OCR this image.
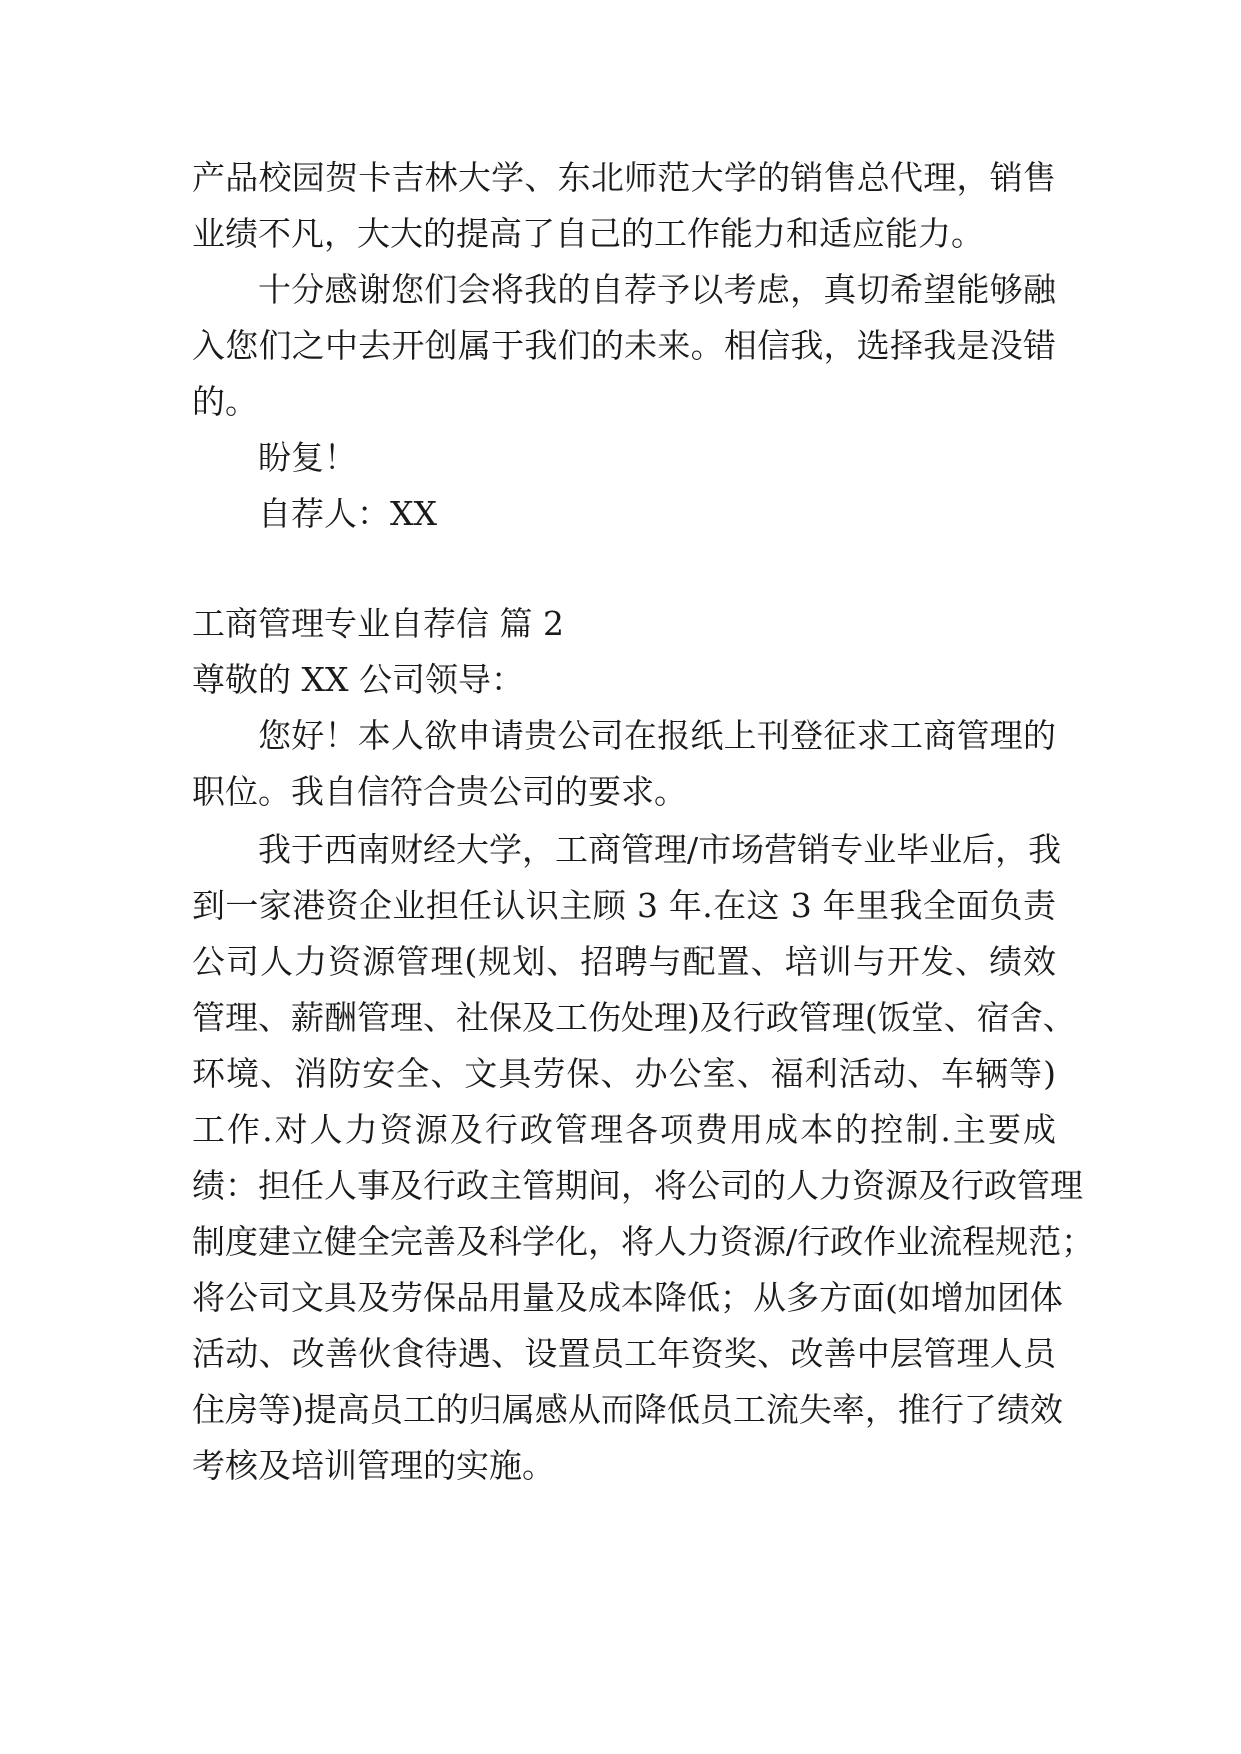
产品校园贺卡吉林大学、东北师范大学的销售总代理，销售
业绩不凡，大大的提高了自己的工作能力和适应能力。
十分感谢您们会将我的自荐予以考虑，真切希望能够融
入您们之中去开创属于我们的未来。相信我，选择我是没错
的。
盼复！
自荐人：XX
工商管理专业自荐信 篇 2
尊敬的 XX 公司领导：
您好！本人欲申请贵公司在报纸上刊登征求工商管理的
职位。我自信符合贵公司的要求。
我于西南财经大学，工商管理/市场营销专业毕业后，我
到一家港资企业担任认识主顾 3 年.在这 3 年里我全面负责
公司人力资源管理(规划、招聘与配置、培训与开发、绩效
管理、薪酬管理、社保及工伤处理)及行政管理(饭堂、宿舍、
环境、消防安全、文具劳保、办公室、福利活动、车辆等)
工作.对人力资源及行政管理各项费用成本的控制.主要成
绩：担任人事及行政主管期间，将公司的人力资源及行政管理
制度建立健全完善及科学化，将人力资源/行政作业流程规范；
将公司文具及劳保品用量及成本降低；从多方面(如增加团体
活动、改善伙食待遇、设置员工年资奖、改善中层管理人员
住房等)提高员工的归属感从而降低员工流失率，推行了绩效
考核及培训管理的实施。
